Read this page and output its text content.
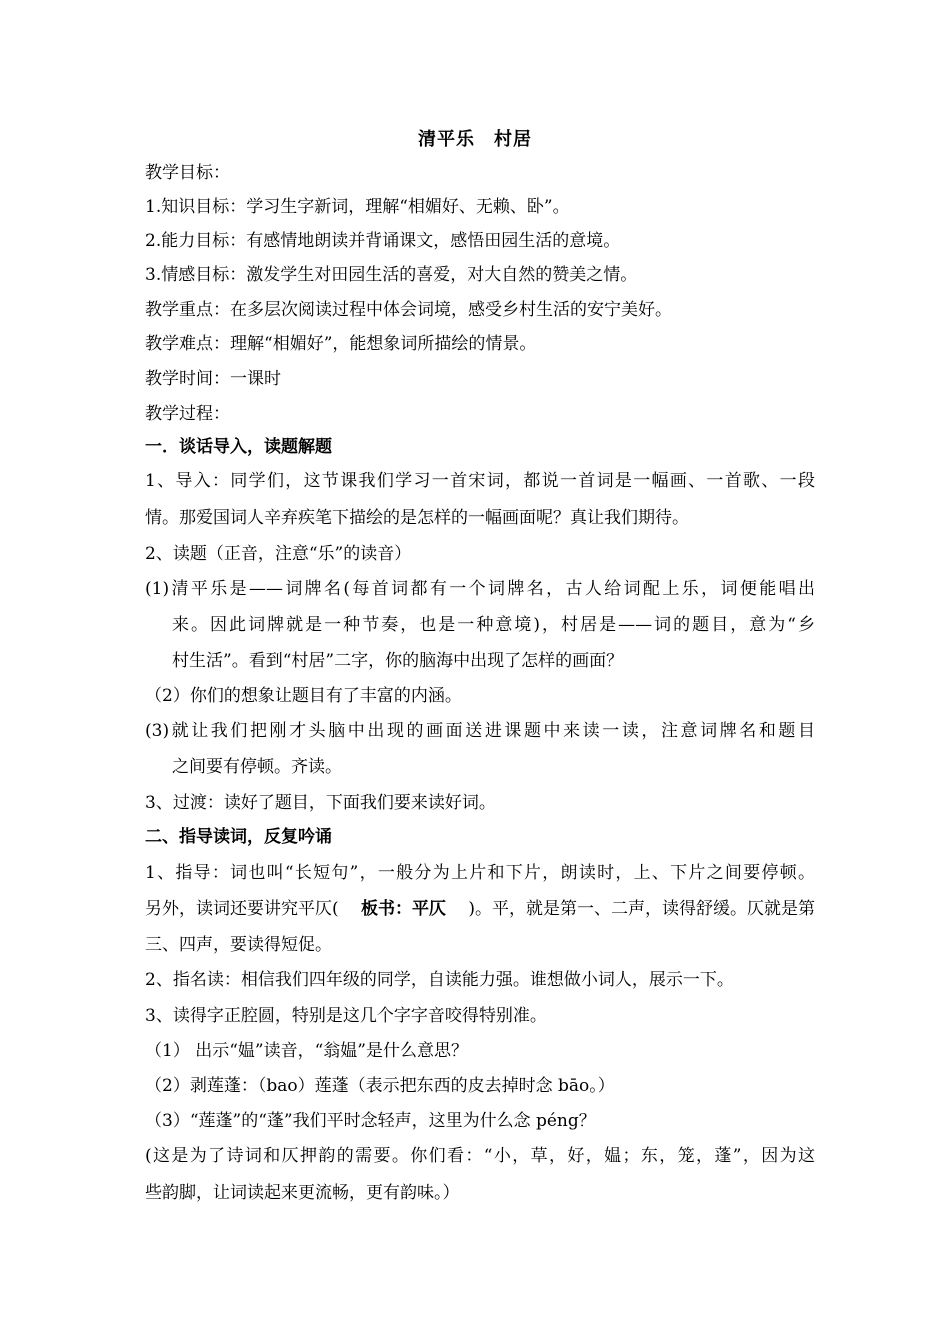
清平乐　村居
教学目标：
1.知识目标：学习生字新词，理解“相媚好、无赖、卧”。
2.能力目标：有感情地朗读并背诵课文，感悟田园生活的意境。
3.情感目标：激发学生对田园生活的喜爱，对大自然的赞美之情。
教学重点：在多层次阅读过程中体会词境，感受乡村生活的安宁美好。
教学难点：理解“相媚好”，能想象词所描绘的情景。
教学时间：一课时
教学过程：
一．谈话导入，读题解题
1、导入：同学们，这节课我们学习一首宋词，都说一首词是一幅画、一首歌、一段
情。那爱国词人辛弃疾笔下描绘的是怎样的一幅画面呢？真让我们期待。
2、读题（正音，注意“乐”的读音）
(1)清平乐是——词牌名(每首词都有一个词牌名，古人给词配上乐，词便能唱出
来。因此词牌就是一种节奏，也是一种意境)，村居是——词的题目，意为“乡
村生活”。看到“村居”二字，你的脑海中出现了怎样的画面？
（2）你们的想象让题目有了丰富的内涵。
(3)就让我们把刚才头脑中出现的画面送进课题中来读一读，注意词牌名和题目
之间要有停顿。齐读。
3、过渡：读好了题目，下面我们要来读好词。
二、指导读词，反复吟诵
1、指导：词也叫“长短句”，一般分为上片和下片，朗读时，上、下片之间要停顿。
另外，读词还要讲究平仄( 板书：平仄 )。平，就是第一、二声，读得舒缓。仄就是第
三、四声，要读得短促。
2、指名读：相信我们四年级的同学，自读能力强。谁想做小词人，展示一下。
3、读得字正腔圆，特别是这几个字字音咬得特别准。
（1） 出示“媪”读音，“翁媪”是什么意思？
（2）剥莲蓬：（bao）莲蓬（表示把东西的皮去掉时念 bāo。）
（3）“莲蓬”的“蓬”我们平时念轻声，这里为什么念 péng？
(这是为了诗词和仄押韵的需要。你们看：“小，草，好，媪；东，笼，蓬”，因为这
些韵脚，让词读起来更流畅，更有韵味。）
